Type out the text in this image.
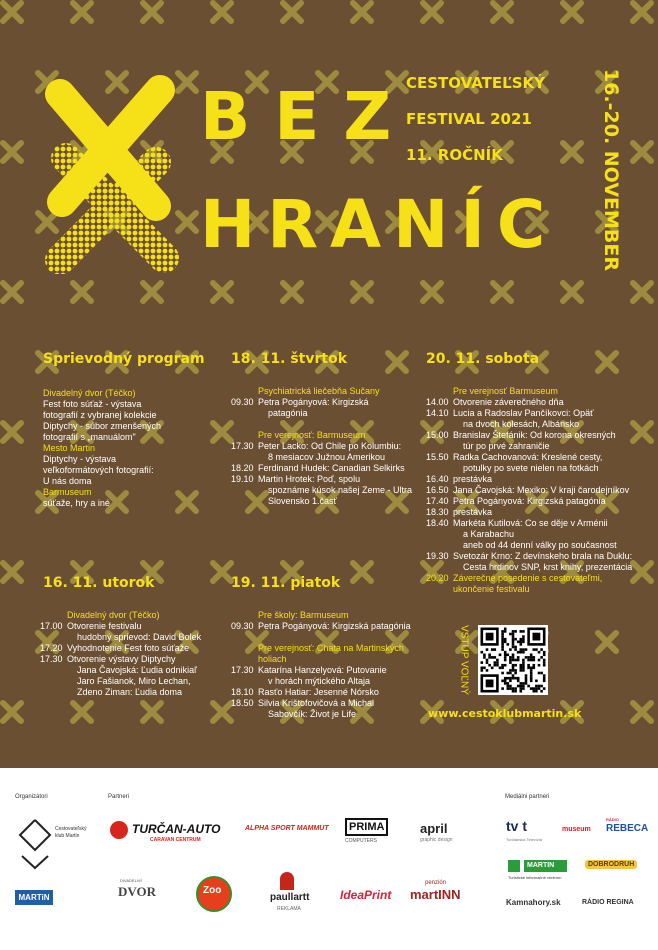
BEZ
HRANÍC
CESTOVATEĽSKÝ
FESTIVAL 2021
11. ROČNÍK	16.-20. NOVEMBER
Sprievodný program
Divadelný dvor (Téčko)
Fest foto súťaž - výstava
fotografií z vybranej kolekcie
Diptychy - súbor zmenšených
fotografií s „manuálom"
Mesto Martin
Diptychy - výstava
veľkoformátových fotografií:
U nás doma
Barmuseum
súťaže, hry a iné
16. 11. utorok
Divadelný dvor (Téčko)
17.00 Otvorenie festivalu
hudobný sprievod: David Bolek
17.20 Vyhodnotenie Fest foto súťaže
17.30 Otvorenie výstavy Diptychy
Jana Čavojská: Ľudia odnikiaľ
Jaro Fašianok, Miro Lechan,
Zdeno Ziman: Ľudia doma
18. 11. štvrtok
Psychiatrická liečebňa Sučany
09.30 Petra Pogányová: Kirgizská
patagónia

Pre verejnosť: Barmuseum
17.30 Peter Lacko: Od Chile po Kolumbiu:
8 mesiacov Južnou Amerikou
18.20 Ferdinand Hudek: Canadian Selkirks
19.10 Martin Hrotek: Poď, spolu
spoznáme kúsok našej Zeme - Ultra
Slovensko 1.časť
19. 11. piatok
Pre školy: Barmuseum
09.30 Petra Pogányová: Kirgizská patagónia

Pre verejnosť: Chata na Martinských holiach
17.30 Katarína Hanzelyová: Putovanie
v horách mýtického Altaja
18.10 Rasťo Hatiar: Jesenné Nórsko
18.50 Silvia Krištofovičová a Michal
Sabovčík: Život je Life
20. 11. sobota
Pre verejnosť Barmuseum
14.00 Otvorenie záverečného dňa
14.10 Lucia a Radoslav Pančíkovci: Opäť
na dvoch kolesách, Albánsko
15.00 Branislav Štefánik: Od korona okresných
túr po prvé zahraničie
15.50 Radka Cachovanová: Kreslené cesty,
potulky po svete nielen na fotkách
16.40 prestávka
16.50 Jana Čavojská: Mexiko: V kraji čarodejníkov
17.40 Petra Pogányová: Kirgizská patagónia
18.30 prestávka
18.40 Markéta Kutilová: Co se děje v Arménii
a Karabachu
aneb od 44 denní války po současnost
19.30 Svetozár Krno: Z devínskeho brala na Duklu:
Cesta hrdinov SNP, krst knihy, prezentácia
20.20 Záverečné posedenie s cestovateľmi,
ukončenie festivalu
VSTUP VOĽNÝ
www.cestoklubmartin.sk
Organizátori	Partneri	Mediálni partneri
Cestovateľský klub Martin
MARTiN
TURČAN-AUTO
CARAVAN CENTRUM
ALPHA SPORT MAMMUT	PRIMA
COMPUTERS
april
graphic design
DIVADELNÝ
DVOR	Zoo
paullartt
REKLAMA
IdeaPrint
penzión
martINN
tv t
Turčianska Televízia
museum
RÁDIO
REBECA
MARTIN
Turistické informačné centrum
DOBRODRUH
Kamnahory.sk	RÁDIO REGINA
